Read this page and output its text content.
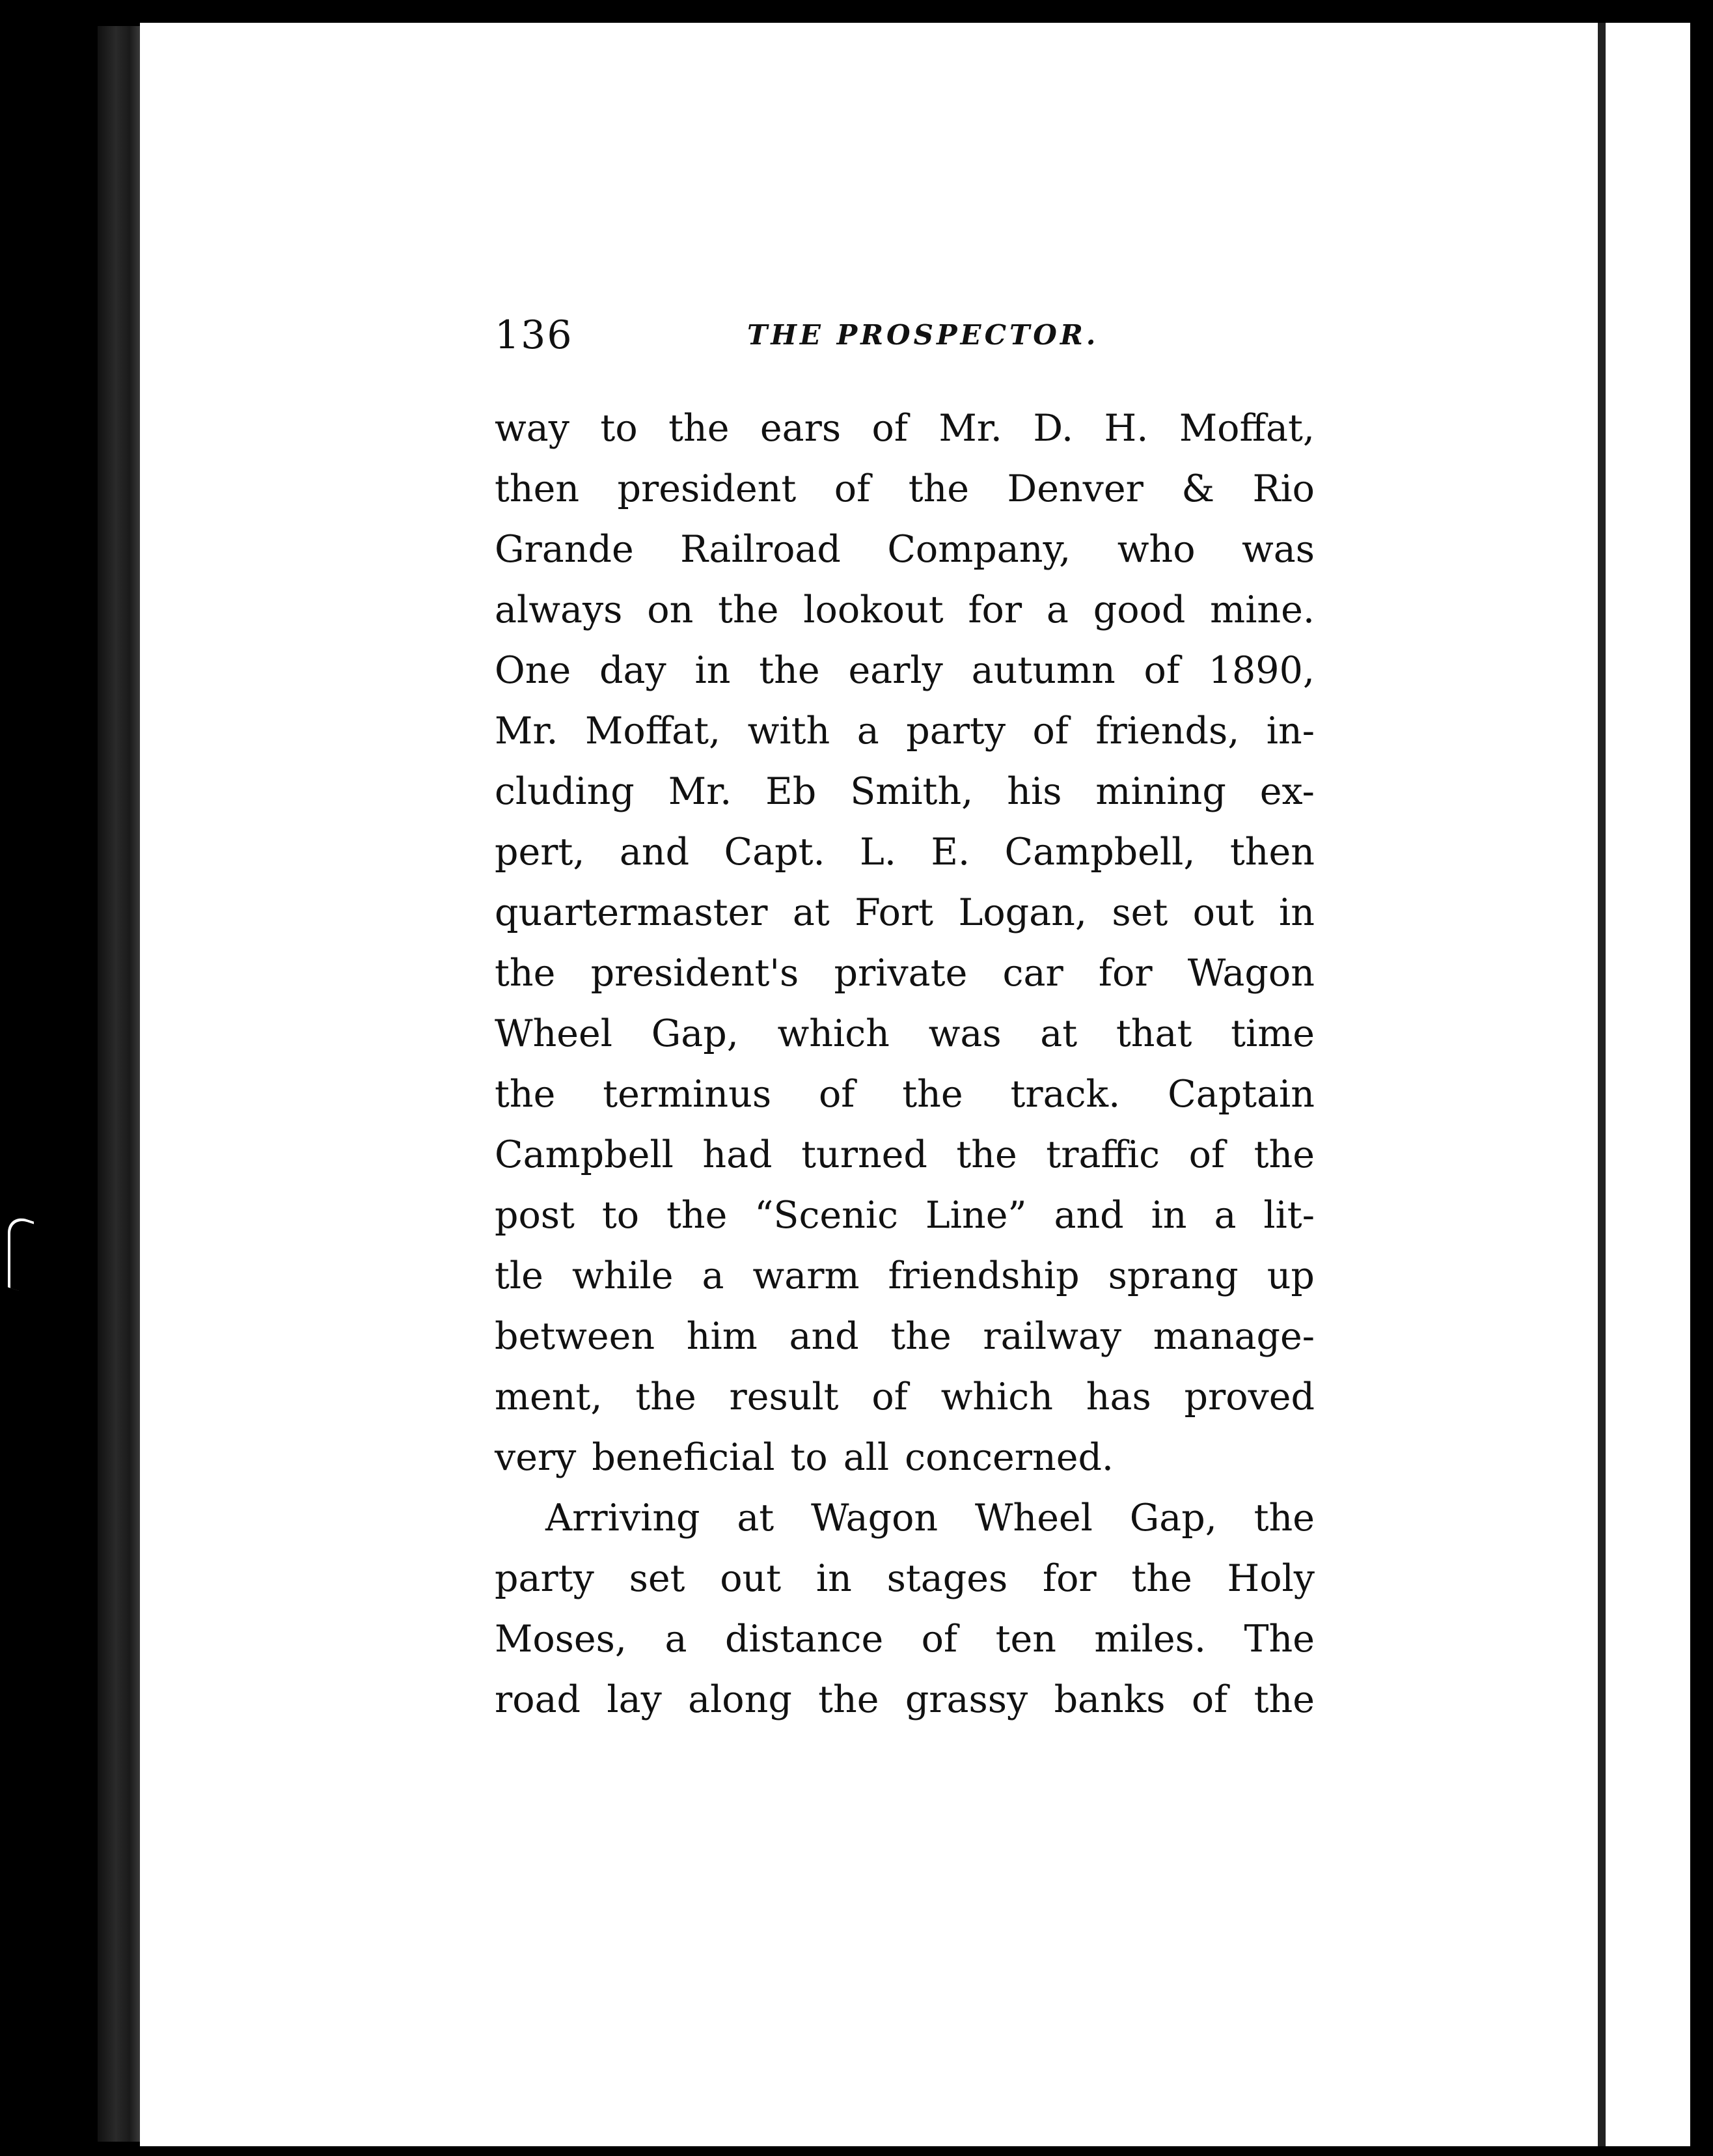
136	THE PROSPECTOR.
way to the ears of Mr. D. H. Moffat,
then president of the Denver & Rio
Grande Railroad Company, who was
always on the lookout for a good mine.
One day in the early autumn of 1890,
Mr. Moffat, with a party of friends, in-
cluding Mr. Eb Smith, his mining ex-
pert, and Capt. L. E. Campbell, then
quartermaster at Fort Logan, set out in
the president's private car for Wagon
Wheel Gap, which was at that time
the terminus of the track. Captain
Campbell had turned the traffic of the
post to the “Scenic Line” and in a lit-
tle while a warm friendship sprang up
between him and the railway manage-
ment, the result of which has proved
very beneficial to all concerned.
Arriving at Wagon Wheel Gap, the
party set out in stages for the Holy
Moses, a distance of ten miles. The
road lay along the grassy banks of the
